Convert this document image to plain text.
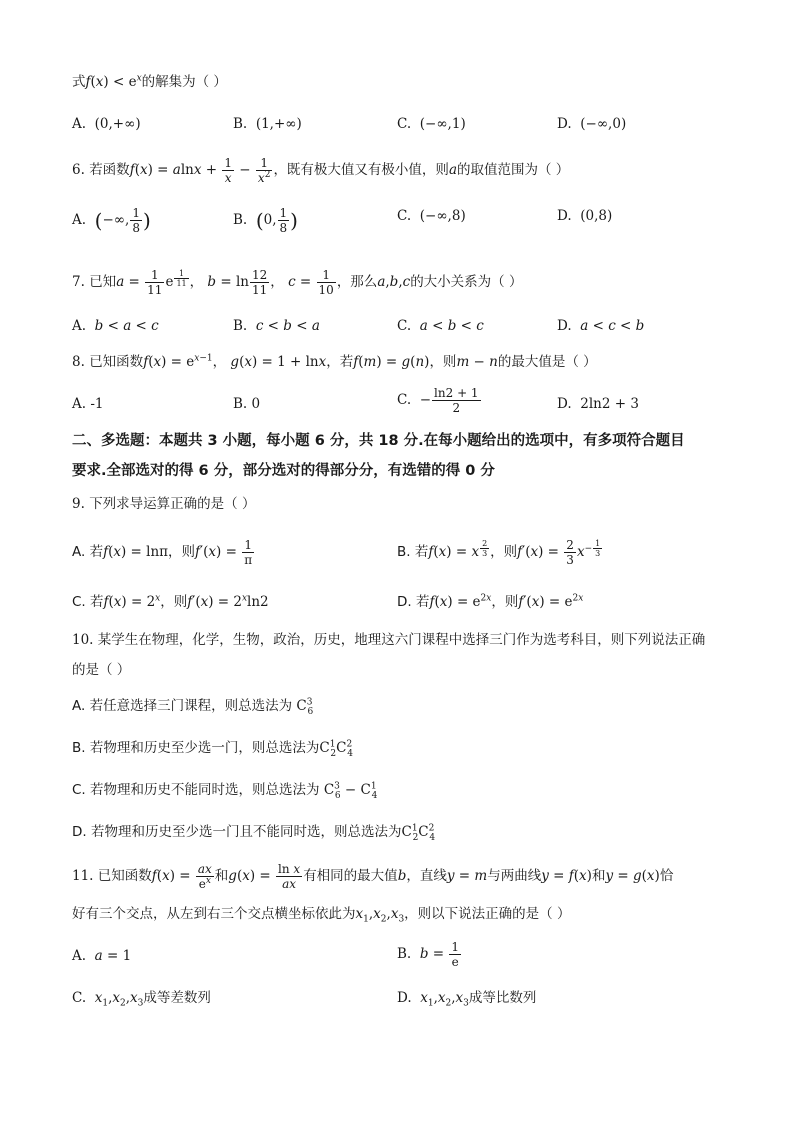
式$f(x) < e^x$的解集为（ ）
A. (0,+∞)	B. (1,+∞)	C. (−∞,1)	D. (−∞,0)
6. 若函数$f(x) = alnx + \frac{1}{x} - \frac{1}{x^2}$ ，既有极大值又有极小值，则a的取值范围为（ ）
A. (−∞, $\frac{1}{8}$ )	B. (0, $\frac{1}{8}$ )	C. (−∞,8)	D. (0,8)
7. 已知$a = \frac{1}{11}$ e $^{\frac{1}{11}}$ ， $b = \ln \frac{12}{11}$ ， $c = \frac{1}{10}$ ，那么a,b,c的大小关系为（ ）
A. b < a < c	B. c < b < a	C. a < b < c	D. a < c < b
8. 已知函数$f(x) = e^{x-1}$， g(x) = 1 + lnx，若f(m) = g(n)，则m − n的最大值是（ ）
A. -1	B. 0	C. − $\frac{\ln 2 + 1}{2}$	D. 2ln2 + 3
二、多选题：本题共 3 小题，每小题 6 分，共 18 分.在每小题给出的选项中，有多项符合题目
要求.全部选对的得 6 分，部分选对的得部分分，有选错的得 0 分
9. 下列求导运算正确的是（ ）
A. 若f(x) = lnπ，则$f'(x) = \frac{1}{\pi}$	B. 若f(x) = x $^{\frac{2}{3}}$ ，则$f'(x) = \frac{2}{3} x^{- \frac{1}{3}}$
C. 若$f(x) = 2^x$，则$f'(x) = 2^x\ln 2$	D. 若$f(x) = e^{2x}$，则$f'(x) = e^{2x}$
10. 某学生在物理，化学，生物，政治，历史，地理这六门课程中选择三门作为选考科目，则下列说法正确
的是（ ）
A. 若任意选择三门课程，则总选法为 $C^3_6$
B. 若物理和历史至少选一门，则总选法为$C^1_2C^2_4$
C. 若物理和历史不能同时选，则总选法为 $C^3_6 - C^1_4$
D. 若物理和历史至少选一门且不能同时选，则总选法为$C^1_2C^2_4$
11. 已知函数$f(x) = \frac{ax}{e^x}$ 和$g(x) = \frac{\text{ln x}}{ax}$ 有相同的最大值b，直线y = m与两曲线y = f(x)和y = g(x)恰
好有三个交点，从左到右三个交点横坐标依此为$x_1,x_2,x_3$，则以下说法正确的是（ ）
A. a = 1	B. $b = \frac{1}{e}$
C. $x_1,x_2,x_3$成等差数列	D. $x_1,x_2,x_3$成等比数列
